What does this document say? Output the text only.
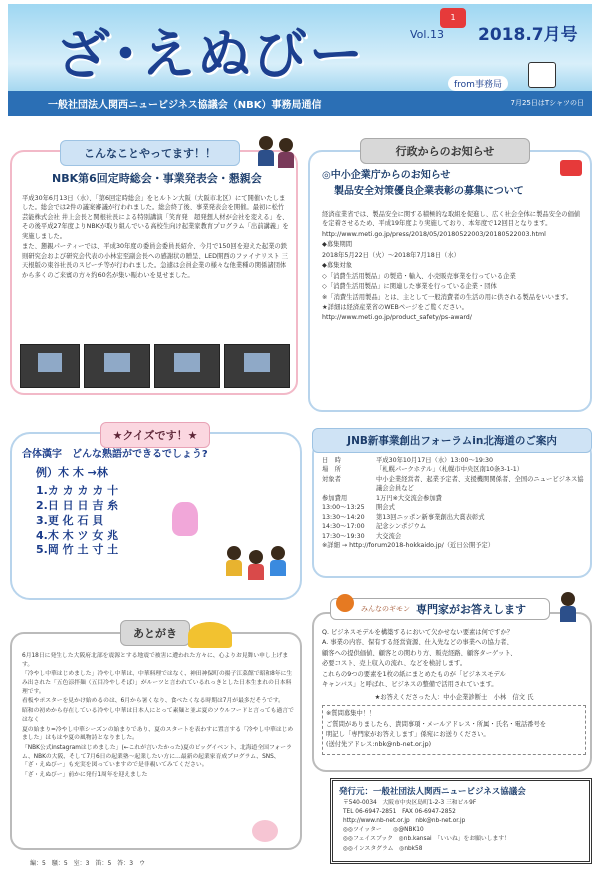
ざ･えぬびー
1
Vol.13 2018.7月号
from事務局
一般社団法人関西ニュービジネス協議会（NBK）事務局通信	7月25日はTシャツの日
NBK第6回定時総会・事業発表会・懇親会

平成30年6月13日（水）、「第6回定時総会」をヒルトン大阪（大阪市北区）にて開催いたしました。総会では2件の議案審議が行われました。総会終了後、事業発表会を開催。最初に松竹芸能株式会社 井上会長と関根社長による特別講演「笑育発　超発想人材が会社を変える」を、その後平成27年度よりNBKが取り組んでいる高校生向け起業家教育プログラム「出前講義」を実施しました。

また、懇親パーティーでは、平成30年度の委員会委員長紹介、今月で150回を迎えた起業の鉄則研究会および研究会代表の小林宏至副会長への感謝状の贈呈、LED開西のファイナリスト 三天根版の東谷社長のスピーチ等が行われました。急遽は会員企業の様々な他業種の関係諸団体から多くのご来賓の方々約60名が集い賑わいを見せました。

こんなことやってます！！
◎中小企業庁からのお知らせ
製品安全対策優良企業表彰の募集について

経済産業省では、製品安全に関する積極的な取組を促進し、広く社会全体に製品安全の価値を定着させるため、平成19年度より実施しており、本年度で12回目となります。

http://www.meti.go.jp/press/2018/05/20180522003/20180522003.html

◆募集期間

2018年5月22日（火）～2018年7月18日（水）

◆募集対象

◇「消費生活用製品」の製造・輸入、小売販売事業を行っている企業

◇「消費生活用製品」に関連した事業を行っている企業・団体

※「消費生活用製品」とは、主として一般消費者の生活の用に供される製品をいいます。

★詳細は経済産業省のWEBページをご覧ください。

http://www.meti.go.jp/product_safety/ps-award/

行政からのお知らせ
合体漢字　どんな熟語ができるでしょう?
例）木 木 →林
1.カ カ カ カ 十
2.日 日 日 吉 糸
3.更 化 石 貝
4.木 木 ツ 女 兆
5.岡 竹 土 寸 土
★クイズです！★
日　時	平成30年10月17日（水）13:00～19:30
場　所	「札幌パークホテル」（札幌市中央区南10条3-1-1）
対象者	中小企業経営者、起業予定者、支援機関関係者、全国のニュービジネス協議会会員など
参加費用	1万円※大交流会参加費
13:00～13:25	開会式
13:30～14:20	第13回ニッポン新事業創出大賞表彰式
14:30～17:00	記念シンポジウム
17:30～19:30	大交流会
※詳細 → http://forum2018-hokkaido.jp/（近日公開予定）
JNB新事業創出フォーラムin北海道のご案内

6月18日に発生した大阪府北部を震源とする地震で被害に遭われた方々に、心よりお見舞い申し上げます。

「冷やし中華はじめました」冷やし中華は、中華料理ではなく、神田神保町の揚子江菜館で昭和8年に生み出された「五色涼拌麺（五目冷やしそば）」がルーツと言われているれっきとした日本生まれの日本料理です。

看板やポスターを見かけ始めるのは、6月から暑くなり、食べたくなる時期は7月が最多だそうです。

昭和の初めから存在している冷やし中華は日本人にとって素麺と並ぶ夏のソウルフードと言っても過言ではなく

夏の始まり=冷やし中華シーズンの始まりであり、夏のスタートを表わすに置言する「冷やし中華はじめました」はもはや夏の風物詩となりました。

「NBK公式instagramはじめました」(←これが言いたかった)夏のビッグイベント、北海道全国フォーラム、NBKの大阪、そして7月6日の起業塾～起業したい方に…最新の起業家育成プログラム、SNS、「ざ・えぬびー」も充実を図っていますので是非覗いてみてください。

「ざ・えぬびー」前かに発行1周年を迎えました

あとがき	Q. ビジネスモデルを構築するにおいて欠かせない要素は何ですか？

A. 事業の内容、保有する経営資源、仕入先などの事業への協力者、

顧客への提供価値、顧客との関わり方、販売経路、顧客ターゲット、

必要コスト、売上収入の流れ、などを検討します。

これらの9つの要素を1枚の紙にまとめたものが「ビジネスモデル

キャンバス」と呼ばれ、ビジネスの整備で活用されています。

★お答えくださった人：中小企業診断士　小林　信文 氏

※質問募集中！！

ご質問がありましたら、貴問事項・メールアドレス・所属・氏名・電話番号を

明記し「専門家がお答えします」係宛にお送りください。

(送付先アドレス:nbk@nb-net.or.jp)

みんなのギモン 専門家がお答えします
発行元：一般社団法人関西ニュービジネス協議会

〒540-0034　大阪市中央区島町1-2-3 三和ビル9F

TEL 06-6947-2851　FAX 06-6947-2852

http://www.nb-net.or.jp　nbk@nb-net.or.jp

◎◎ツイッター　　◎@NBK10

◎◎フェイスブック　◎nb.kansai　「いいね」をお願いします！

◎◎インスタグラム　◎nbk58

編：5　騒：5　室：3　笛：5　答：3　ウ
